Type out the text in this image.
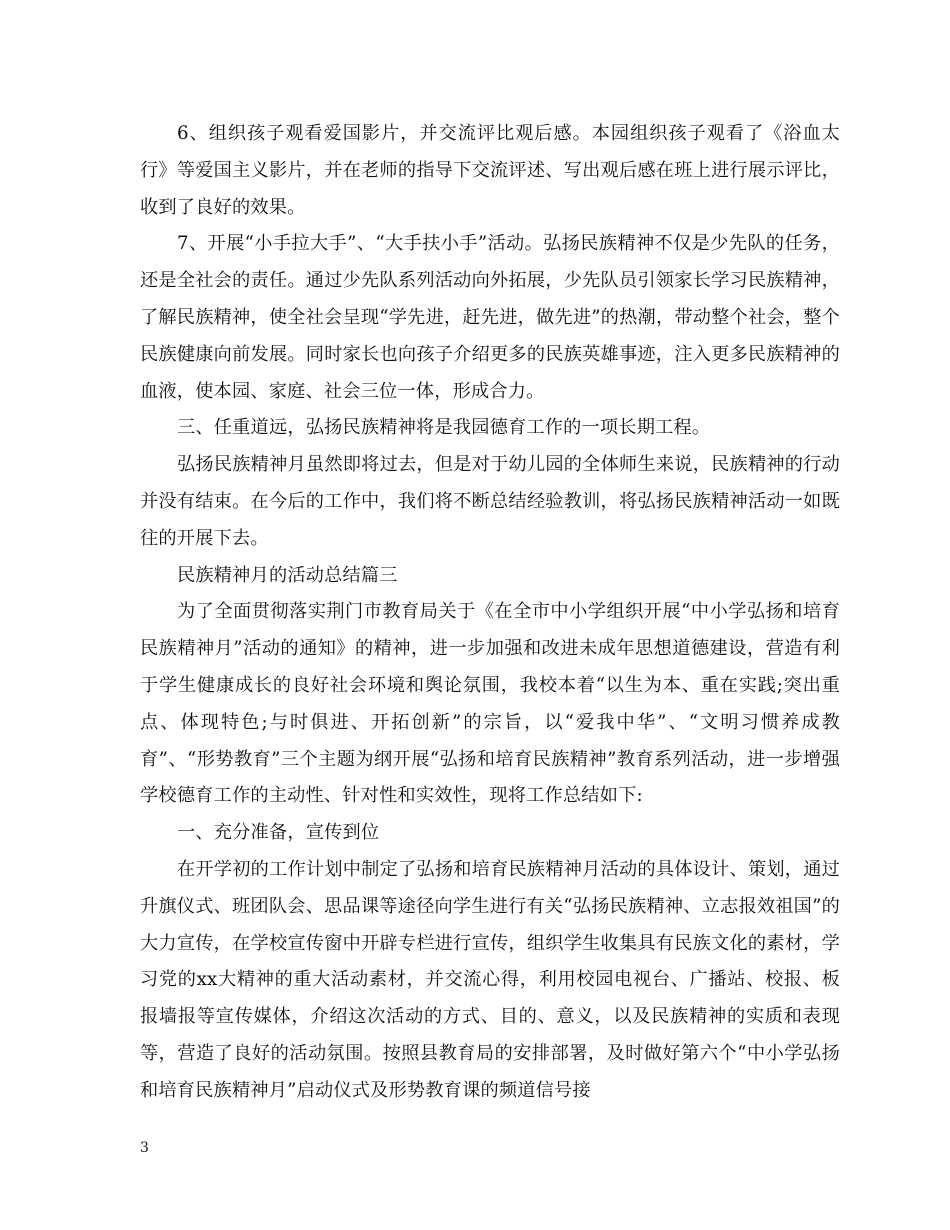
6、组织孩子观看爱国影片，并交流评比观后感。本园组织孩子观看了《浴血太行》等爱国主义影片，并在老师的指导下交流评述、写出观后感在班上进行展示评比，收到了良好的效果。

7、开展“小手拉大手”、“大手扶小手”活动。弘扬民族精神不仅是少先队的任务，还是全社会的责任。通过少先队系列活动向外拓展，少先队员引领家长学习民族精神，了解民族精神，使全社会呈现“学先进，赶先进，做先进”的热潮，带动整个社会，整个民族健康向前发展。同时家长也向孩子介绍更多的民族英雄事迹，注入更多民族精神的血液，使本园、家庭、社会三位一体，形成合力。

三、任重道远，弘扬民族精神将是我园德育工作的一项长期工程。

弘扬民族精神月虽然即将过去，但是对于幼儿园的全体师生来说，民族精神的行动并没有结束。在今后的工作中，我们将不断总结经验教训，将弘扬民族精神活动一如既往的开展下去。

民族精神月的活动总结篇三

为了全面贯彻落实荆门市教育局关于《在全市中小学组织开展“中小学弘扬和培育民族精神月”活动的通知》的精神，进一步加强和改进未成年思想道德建设，营造有利于学生健康成长的良好社会环境和舆论氛围，我校本着“以生为本、重在实践;突出重点、体现特色;与时俱进、开拓创新”的宗旨，以“爱我中华”、“文明习惯养成教育”、“形势教育”三个主题为纲开展“弘扬和培育民族精神”教育系列活动，进一步增强学校德育工作的主动性、针对性和实效性，现将工作总结如下:

一、充分准备，宣传到位

在开学初的工作计划中制定了弘扬和培育民族精神月活动的具体设计、策划，通过升旗仪式、班团队会、思品课等途径向学生进行有关“弘扬民族精神、立志报效祖国”的大力宣传，在学校宣传窗中开辟专栏进行宣传，组织学生收集具有民族文化的素材，学习党的xx大精神的重大活动素材，并交流心得，利用校园电视台、广播站、校报、板报墙报等宣传媒体，介绍这次活动的方式、目的、意义，以及民族精神的实质和表现等，营造了良好的活动氛围。按照县教育局的安排部署，及时做好第六个“中小学弘扬和培育民族精神月”启动仪式及形势教育课的频道信号接

3
